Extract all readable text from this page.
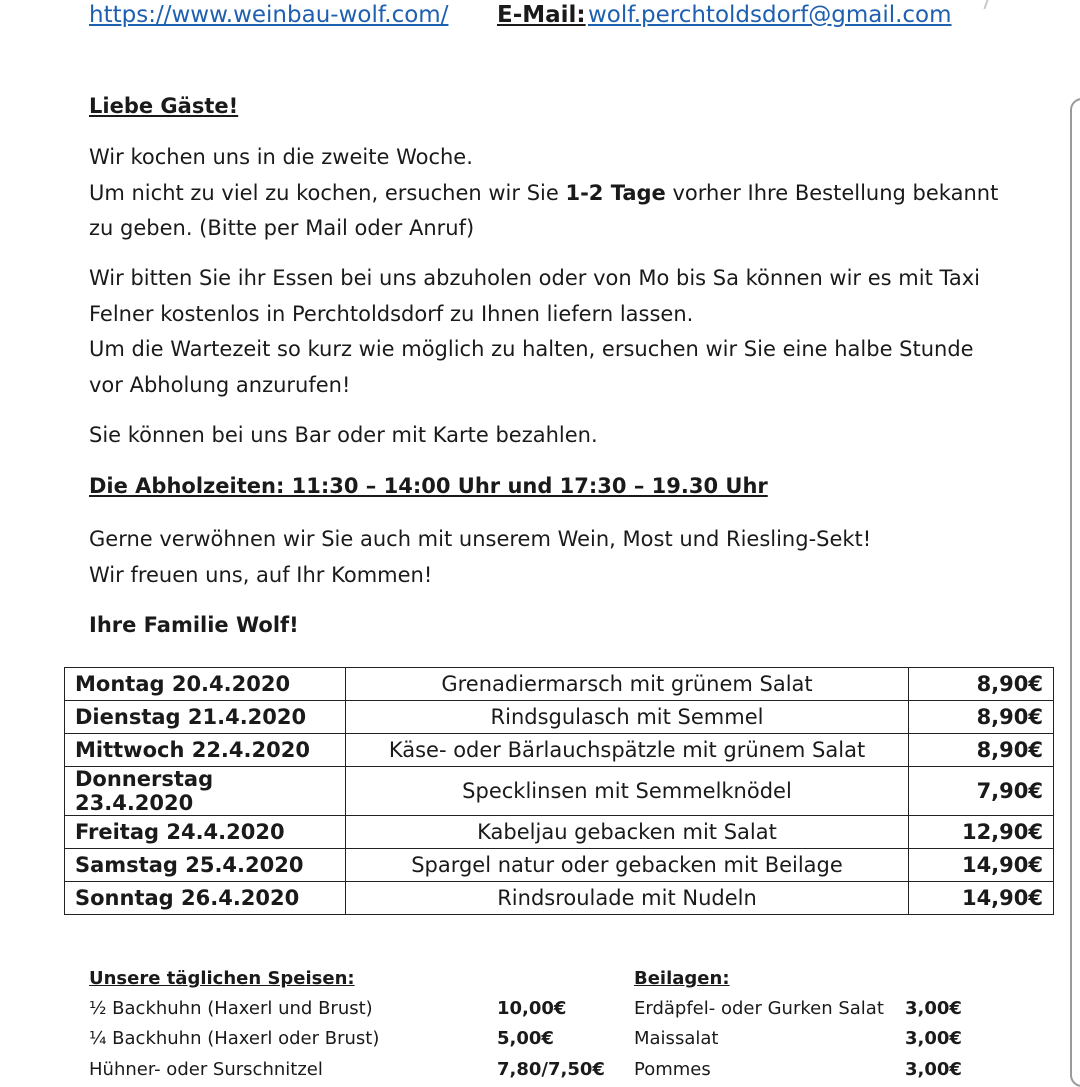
https://www.weinbau-wolf.com/ E-Mail: wolf.perchtoldsdorf@gmail.com
Liebe Gäste!
Wir kochen uns in die zweite Woche.
Um nicht zu viel zu kochen, ersuchen wir Sie 1-2 Tage vorher Ihre Bestellung bekannt
zu geben. (Bitte per Mail oder Anruf)
Wir bitten Sie ihr Essen bei uns abzuholen oder von Mo bis Sa können wir es mit Taxi
Felner kostenlos in Perchtoldsdorf zu Ihnen liefern lassen.
Um die Wartezeit so kurz wie möglich zu halten, ersuchen wir Sie eine halbe Stunde
vor Abholung anzurufen!
Sie können bei uns Bar oder mit Karte bezahlen.
Die Abholzeiten: 11:30 – 14:00 Uhr und 17:30 – 19.30 Uhr
Gerne verwöhnen wir Sie auch mit unserem Wein, Most und Riesling-Sekt!
Wir freuen uns, auf Ihr Kommen!
Ihre Familie Wolf!
Montag 20.4.2020	Grenadiermarsch mit grünem Salat	8,90€
Dienstag 21.4.2020	Rindsgulasch mit Semmel	8,90€
Mittwoch 22.4.2020	Käse- oder Bärlauchspätzle mit grünem Salat	8,90€
Donnerstag 23.4.2020	Specklinsen mit Semmelknödel	7,90€
Freitag 24.4.2020	Kabeljau gebacken mit Salat	12,90€
Samstag 25.4.2020	Spargel natur oder gebacken mit Beilage	14,90€
Sonntag 26.4.2020	Rindsroulade mit Nudeln	14,90€
Unsere täglichen Speisen:
½ Backhuhn (Haxerl und Brust)	10,00€
¼ Backhuhn (Haxerl oder Brust)	5,00€
Hühner- oder Surschnitzel	7,80/7,50€
Beilagen:
Erdäpfel- oder Gurken Salat 3,00€
Maissalat	3,00€
Pommes	3,00€
